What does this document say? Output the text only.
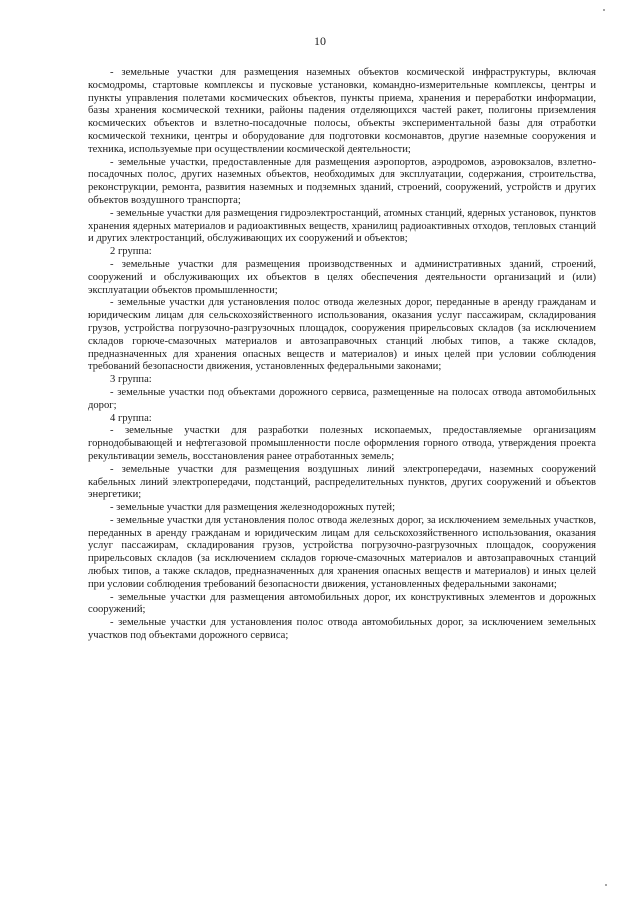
10

- земельные участки для размещения наземных объектов космической инфраструктуры, включая космодромы, стартовые комплексы и пусковые установки, командно-измерительные комплексы, центры и пункты управления полетами космических объектов, пункты приема, хранения и переработки информации, базы хранения космической техники, районы падения отделяющихся частей ракет, полигоны приземления космических объектов и взлетно-посадочные полосы, объекты экспериментальной базы для отработки космической техники, центры и оборудование для подготовки космонавтов, другие наземные сооружения и техника, используемые при осуществлении космической деятельности;

- земельные участки, предоставленные для размещения аэропортов, аэродромов, аэровокзалов, взлетно-посадочных полос, других наземных объектов, необходимых для эксплуатации, содержания, строительства, реконструкции, ремонта, развития наземных и подземных зданий, строений, сооружений, устройств и других объектов воздушного транспорта;

- земельные участки для размещения гидроэлектростанций, атомных станций, ядерных установок, пунктов хранения ядерных материалов и радиоактивных веществ, хранилищ радиоактивных отходов, тепловых станций и других электростанций, обслуживающих их сооружений и объектов;

2 группа:

- земельные участки для размещения производственных и административных зданий, строений, сооружений и обслуживающих их объектов в целях обеспечения деятельности организаций и (или) эксплуатации объектов промышленности;

- земельные участки для установления полос отвода железных дорог, переданные в аренду гражданам и юридическим лицам для сельскохозяйственного использования, оказания услуг пассажирам, складирования грузов, устройства погрузочно-разгрузочных площадок, сооружения прирельсовых складов (за исключением складов горюче-смазочных материалов и автозаправочных станций любых типов, а также складов, предназначенных для хранения опасных веществ и материалов) и иных целей при условии соблюдения требований безопасности движения, установленных федеральными законами;

3 группа:

- земельные участки под объектами дорожного сервиса, размещенные на полосах отвода автомобильных дорог;

4 группа:

- земельные участки для разработки полезных ископаемых, предоставляемые организациям горнодобывающей и нефтегазовой промышленности после оформления горного отвода, утверждения проекта рекультивации земель, восстановления ранее отработанных земель;

- земельные участки для размещения воздушных линий электропередачи, наземных сооружений кабельных линий электропередачи, подстанций, распределительных пунктов, других сооружений и объектов энергетики;

- земельные участки для размещения железнодорожных путей;

- земельные участки для установления полос отвода железных дорог, за исключением земельных участков, переданных в аренду гражданам и юридическим лицам для сельскохозяйственного использования, оказания услуг пассажирам, складирования грузов, устройства погрузочно-разгрузочных площадок, сооружения прирельсовых складов (за исключением складов горюче-смазочных материалов и автозаправочных станций любых типов, а также складов, предназначенных для хранения опасных веществ и материалов) и иных целей при условии соблюдения требований безопасности движения, установленных федеральными законами;

- земельные участки для размещения автомобильных дорог, их конструктивных элементов и дорожных сооружений;

- земельные участки для установления полос отвода автомобильных дорог, за исключением земельных участков под объектами дорожного сервиса;
